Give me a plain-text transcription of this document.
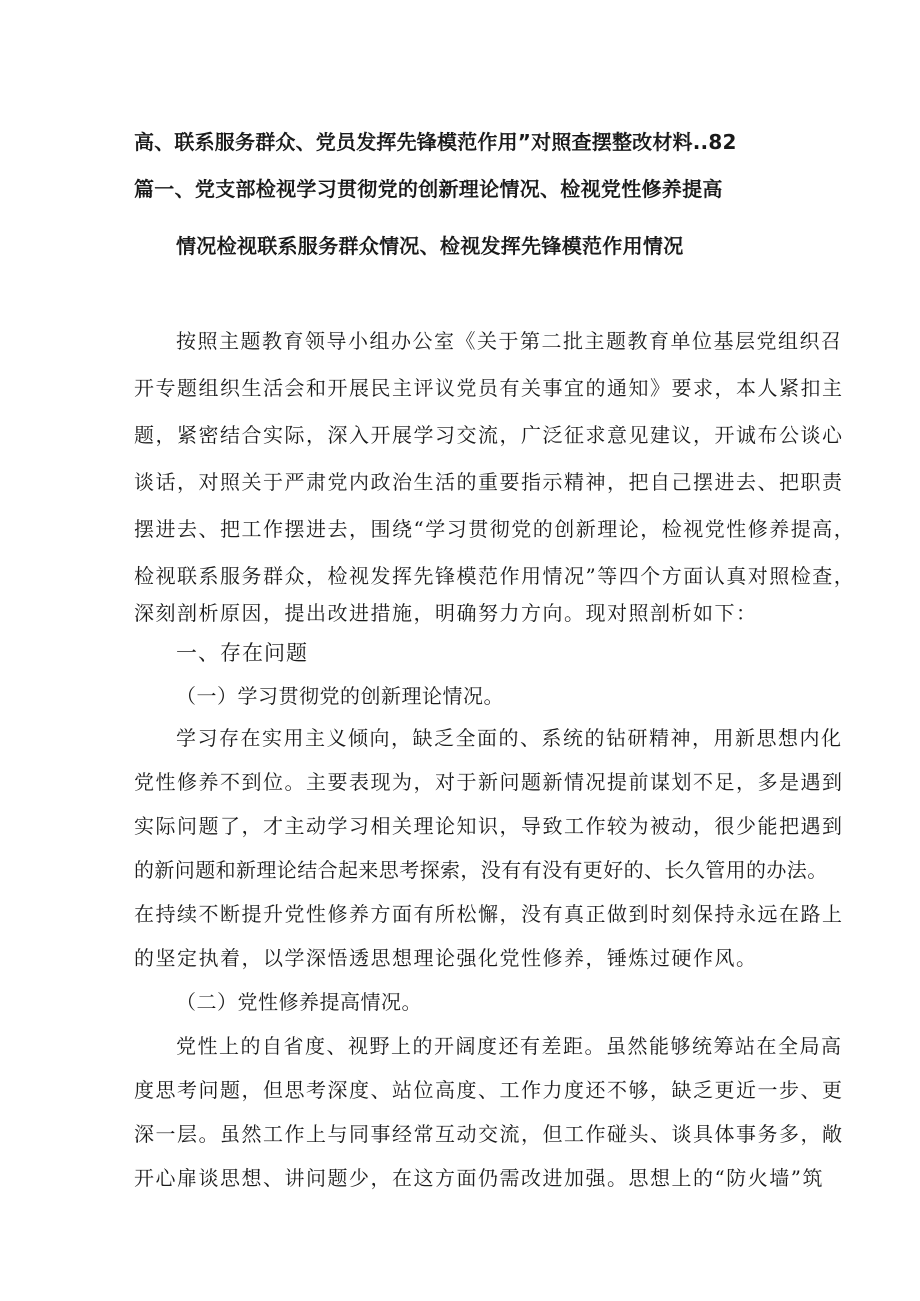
高、联系服务群众、党员发挥先锋模范作用”对照查摆整改材料..82

篇一、党支部检视学习贯彻党的创新理论情况、检视党性修养提高

情况检视联系服务群众情况、检视发挥先锋模范作用情况

按照主题教育领导小组办公室《关于第二批主题教育单位基层党组织召

开专题组织生活会和开展民主评议党员有关事宜的通知》要求，本人紧扣主

题，紧密结合实际，深入开展学习交流，广泛征求意见建议，开诚布公谈心

谈话，对照关于严肃党内政治生活的重要指示精神，把自己摆进去、把职责

摆进去、把工作摆进去，围绕“学习贯彻党的创新理论，检视党性修养提高，

检视联系服务群众，检视发挥先锋模范作用情况”等四个方面认真对照检查，

深刻剖析原因，提出改进措施，明确努力方向。现对照剖析如下：

一、存在问题

（一）学习贯彻党的创新理论情况。

学习存在实用主义倾向，缺乏全面的、系统的钻研精神，用新思想内化

党性修养不到位。主要表现为，对于新问题新情况提前谋划不足，多是遇到

实际问题了，才主动学习相关理论知识，导致工作较为被动，很少能把遇到

的新问题和新理论结合起来思考探索，没有有没有更好的、长久管用的办法。

在持续不断提升党性修养方面有所松懈，没有真正做到时刻保持永远在路上

的坚定执着，以学深悟透思想理论强化党性修养，锤炼过硬作风。

（二）党性修养提高情况。

党性上的自省度、视野上的开阔度还有差距。虽然能够统筹站在全局高

度思考问题，但思考深度、站位高度、工作力度还不够，缺乏更近一步、更

深一层。虽然工作上与同事经常互动交流，但工作碰头、谈具体事务多，敞

开心扉谈思想、讲问题少，在这方面仍需改进加强。思想上的“防火墙”筑
